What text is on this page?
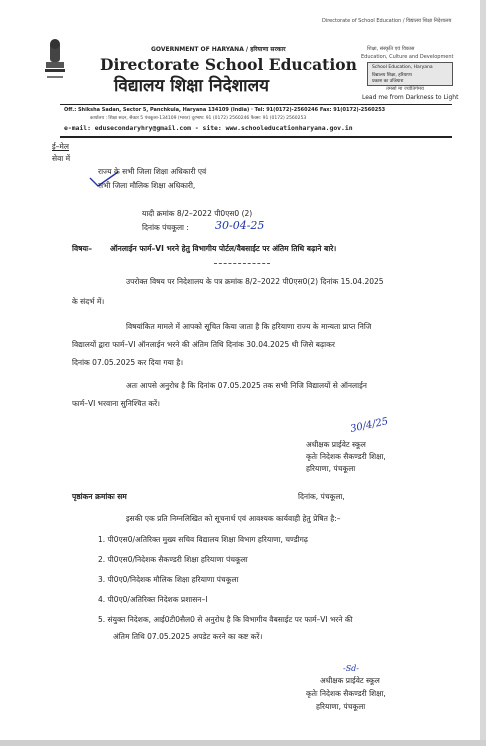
Directorate of School Education / विद्यालय शिक्षा निदेशालय
GOVERNMENT OF HARYANA / हरियाणा सरकार
Directorate School Education
विद्यालय शिक्षा निदेशालय
शिक्षा, संस्कृति एवं विकास
Education, Culture and Development
School Education, Haryana
विद्यालय शिक्षा, हरियाणा
प्रकाश का उजियारा
तमसो मा ज्योतिर्गमय
Lead me from Darkness to Light
Off.: Shiksha Sadan, Sector 5, Panchkula, Haryana 134109 (India) · Tel: 91(0172)-2560246 Fax: 91(0172)-2560253
कार्यालय : शिक्षा सदन, सैक्टर 5 पंचकूला-134109 (भारत) दूरभाष: 91 (0172) 2560246 फैक्स: 91 (0172) 2560253
e-mail: edusecondaryhry@gmail.com - site: www.schooleducationharyana.gov.in
ई–मेल
सेवा में
राज्य के सभी जिला शिक्षा अधिकारी एवं
सभी जिला मौलिक शिक्षा अधिकारी,
यादी क्रमांक 8/2–2022 पी0एस0 (2)
दिनांक पंचकूला : 30-04-25
विषयः– ऑनलाईन फार्म–VI भरने हेतु विभागीय पोर्टल/वैबसाईट पर अंतिम तिथि बढ़ाने बारे।
उपरोक्त विषय पर निदेशालय के पत्र क्रमांक 8/2–2022 पी0एस0(2) दिनांक 15.04.2025
के संदर्भ में।
विषयांकित मामले में आपको सूचित किया जाता है कि हरियाणा राज्य के मान्यता प्राप्त निजि
विद्यालयों द्वारा फार्म–VI ऑनलाईन भरने की अंतिम तिथि दिनांक 30.04.2025 थी जिसे बढ़ाकर
दिनांक 07.05.2025 कर दिया गया है।
अतः आपसे अनुरोध है कि दिनांक 07.05.2025 तक सभी निजि विद्यालयों से ऑनलाईन
फार्म–VI भरवाना सुनिश्चित करें।
30/4/25
अधीक्षक प्राईवेट स्कूल
कृतेः निदेशक सैकण्डरी शिक्षा,
हरियाणा, पंचकूला
पृष्ठांकन क्रमांकः सम	दिनांक, पंचकूला,
इसकी एक प्रति निम्नलिखित को सूचनार्थ एवं आवश्यक कार्यवाही हेतु प्रेषित है:–
1. पी0एस0/अतिरिक्त मुख्य सचिव विद्यालय शिक्षा विभाग हरियाणा, चण्डीगढ़
2. पी0एस0/निदेशक सैकण्डरी शिक्षा हरियाणा पंचकूला
3. पी0ए0/निदेशक मौलिक शिक्षा हरियाणा पंचकूला
4. पी0ए0/अतिरिक्त निदेशक प्रशासन–I
5. संयुक्त निदेशक, आई0टी0सैल0 से अनुरोध है कि विभागीय वैबसाईट पर फार्म–VI भरने की
अंतिम तिथि 07.05.2025 अपडेट करने का कष्ट करें।
-Sd-
अधीक्षक प्राईवेट स्कूल
कृतेः निदेशक सैकण्डरी शिक्षा,
हरियाणा, पंचकूला
